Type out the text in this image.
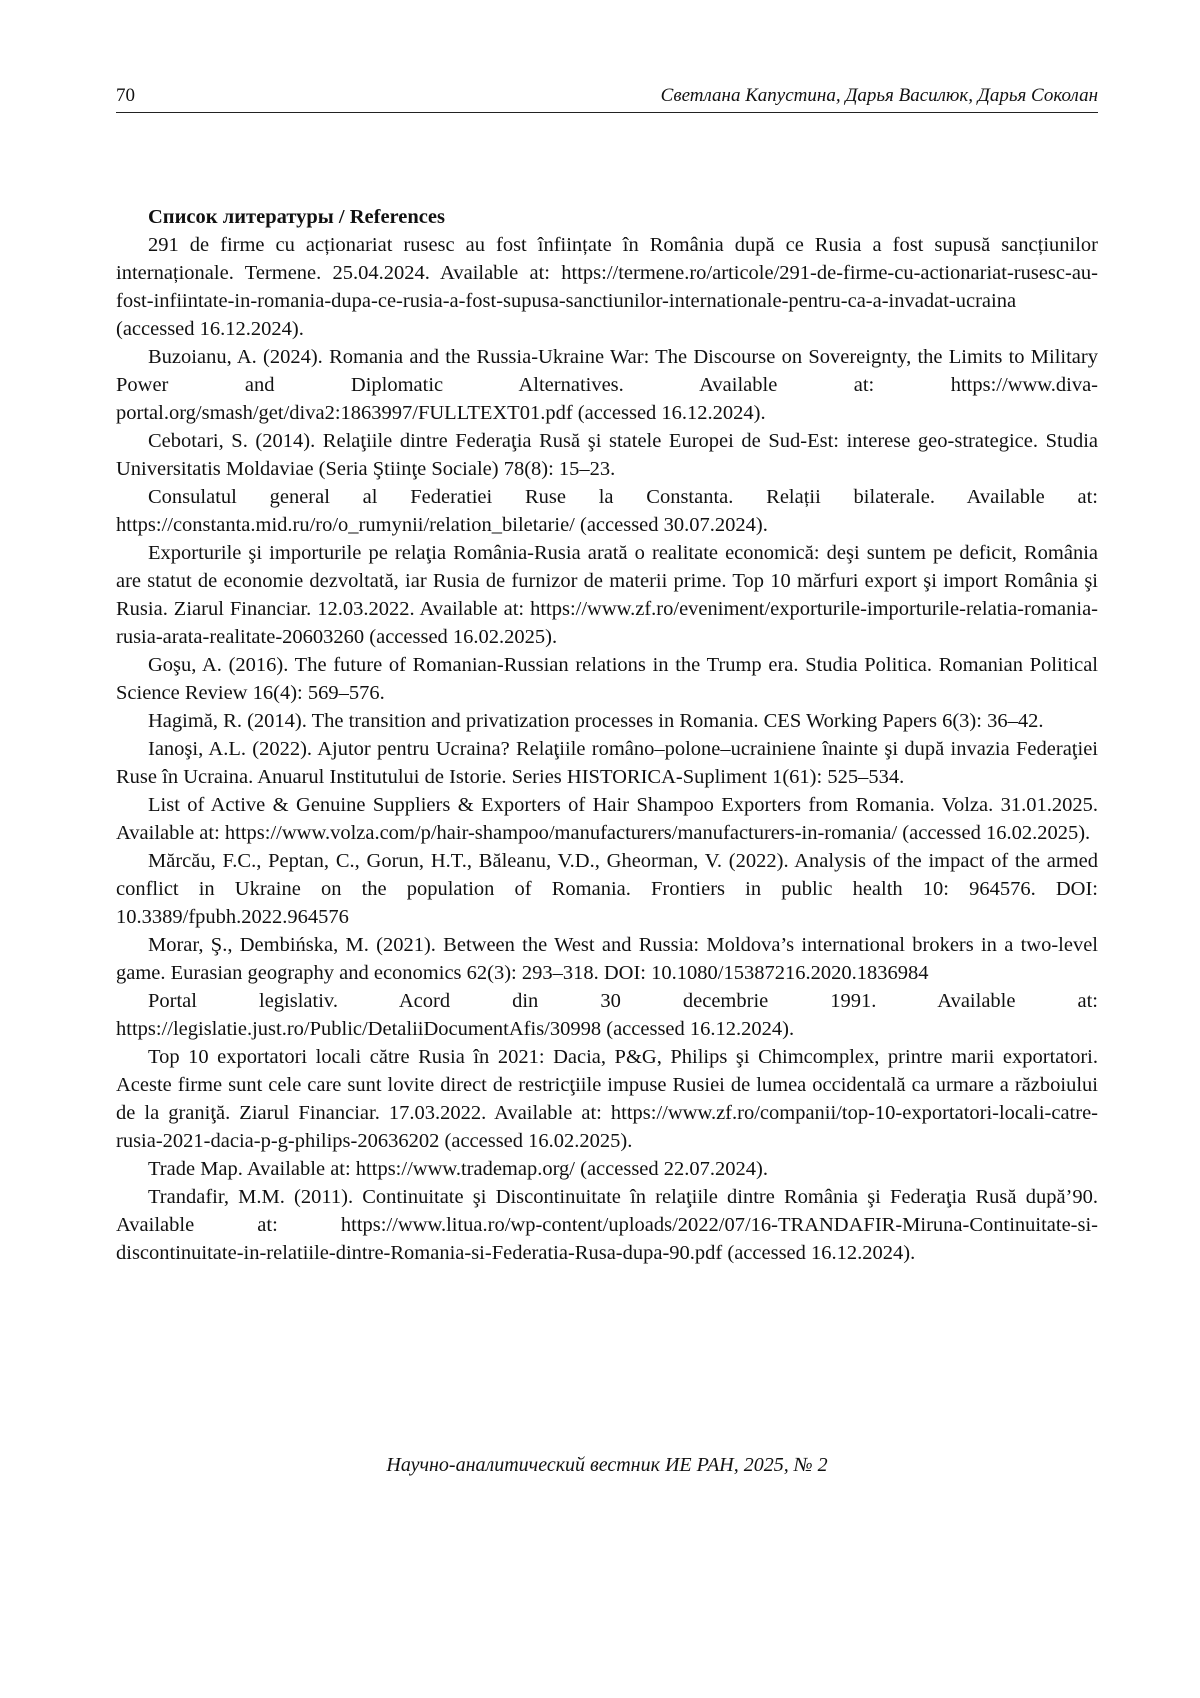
70	Светлана Капустина, Дарья Василюк, Дарья Соколан
Список литературы / References

291 de firme cu acționariat rusesc au fost înființate în România după ce Rusia a fost supusă sancțiunilor internaționale. Termene. 25.04.2024. Available at: https://termene.ro/articole/291-de-firme-cu-actionariat-rusesc-au-fost-infiintate-in-romania-dupa-ce-rusia-a-fost-supusa-sanctiunilor-internationale-pentru-ca-a-invadat-ucraina (accessed 16.12.2024).

Buzoianu, A. (2024). Romania and the Russia-Ukraine War: The Discourse on Sovereignty, the Limits to Military Power and Diplomatic Alternatives. Available at: https://www.diva-portal.org/smash/get/diva2:1863997/FULLTEXT01.pdf (accessed 16.12.2024).

Cebotari, S. (2014). Relaţiile dintre Federaţia Rusă şi statele Europei de Sud-Est: interese geo-strategice. Studia Universitatis Moldaviae (Seria Ştiinţe Sociale) 78(8): 15–23.

Consulatul general al Federatiei Ruse la Constanta. Relații bilaterale. Available at: https://constanta.mid.ru/ro/o_rumynii/relation_biletarie/ (accessed 30.07.2024).

Exporturile şi importurile pe relaţia România-Rusia arată o realitate economică: deşi suntem pe deficit, România are statut de economie dezvoltată, iar Rusia de furnizor de materii prime. Top 10 mărfuri export şi import România şi Rusia. Ziarul Financiar. 12.03.2022. Available at: https://www.zf.ro/eveniment/exporturile-importurile-relatia-romania-rusia-arata-realitate-20603260 (accessed 16.02.2025).

Goşu, A. (2016). The future of Romanian-Russian relations in the Trump era. Studia Politica. Romanian Political Science Review 16(4): 569–576.

Hagimă, R. (2014). The transition and privatization processes in Romania. CES Working Papers 6(3): 36–42.

Ianoşi, A.L. (2022). Ajutor pentru Ucraina? Relaţiile româno–polone–ucrainiene înainte şi după invazia Federaţiei Ruse în Ucraina. Anuarul Institutului de Istorie. Series HISTORICA-Supliment 1(61): 525–534.

List of Active & Genuine Suppliers & Exporters of Hair Shampoo Exporters from Romania. Volza. 31.01.2025. Available at: https://www.volza.com/p/hair-shampoo/manufacturers/manufacturers-in-romania/ (accessed 16.02.2025).

Mărcău, F.C., Peptan, C., Gorun, H.T., Băleanu, V.D., Gheorman, V. (2022). Analysis of the impact of the armed conflict in Ukraine on the population of Romania. Frontiers in public health 10: 964576. DOI: 10.3389/fpubh.2022.964576

Morar, Ş., Dembińska, M. (2021). Between the West and Russia: Moldova’s international brokers in a two-level game. Eurasian geography and economics 62(3): 293–318. DOI: 10.1080/15387216.2020.1836984

Portal legislativ. Acord din 30 decembrie 1991. Available at: https://legislatie.just.ro/Public/DetaliiDocumentAfis/30998 (accessed 16.12.2024).

Top 10 exportatori locali către Rusia în 2021: Dacia, P&G, Philips şi Chimcomplex, printre marii exportatori. Aceste firme sunt cele care sunt lovite direct de restricţiile impuse Rusiei de lumea occidentală ca urmare a războiului de la graniţă. Ziarul Financiar. 17.03.2022. Available at: https://www.zf.ro/companii/top-10-exportatori-locali-catre-rusia-2021-dacia-p-g-philips-20636202 (accessed 16.02.2025).

Trade Map. Available at: https://www.trademap.org/ (accessed 22.07.2024).

Trandafir, M.M. (2011). Continuitate şi Discontinuitate în relaţiile dintre România şi Federaţia Rusă după’90. Available at: https://www.litua.ro/wp-content/uploads/2022/07/16-TRANDAFIR-Miruna-Continuitate-si-discontinuitate-in-relatiile-dintre-Romania-si-Federatia-Rusa-dupa-90.pdf (accessed 16.12.2024).

Научно-аналитический вестник ИЕ РАН, 2025, № 2
